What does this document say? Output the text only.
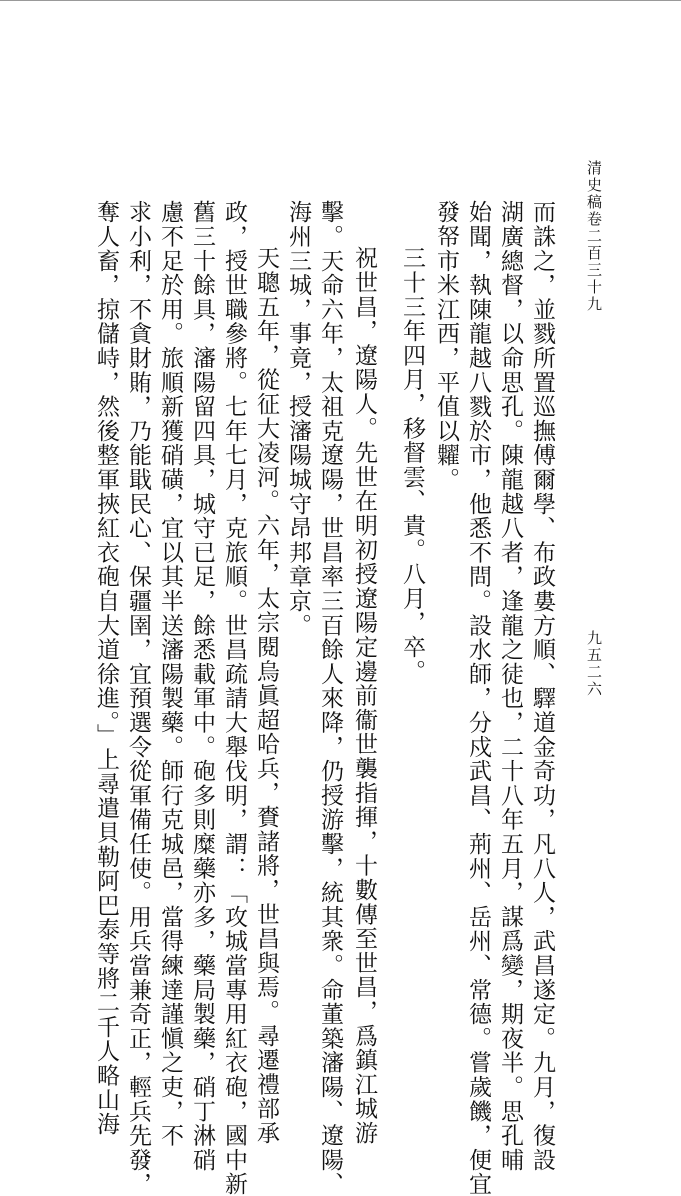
清史稿卷二百三十九
九五二六
而誅之，並戮所置巡撫傅爾學、布政婁方順、驛道金奇功，凡八人，武昌遂定。九月，復設
湖廣總督，以命思孔。陳龍越八者，逢龍之徒也，二十八年五月，謀爲變，期夜半。思孔晡
始聞，執陳龍越八戮於市，他悉不問。設水師，分戍武昌、荊州、岳州、常德。嘗歲饑，便宜
發帑市米江西，平值以糶。
三十三年四月，移督雲、貴。八月，卒。
祝世昌，遼陽人。先世在明初授遼陽定邊前衞世襲指揮，十數傳至世昌，爲鎮江城游
擊。天命六年，太祖克遼陽，世昌率三百餘人來降，仍授游擊，統其衆。命董築瀋陽、遼陽、
海州三城，事竟，授瀋陽城守昂邦章京。
天聰五年，從征大凌河。六年，太宗閱烏眞超哈兵，賚諸將，世昌與焉。尋遷禮部承
政，授世職參將。七年七月，克旅順。世昌疏請大舉伐明，謂：「攻城當專用紅衣砲，國中新
舊三十餘具，瀋陽留四具，城守已足，餘悉載軍中。砲多則糜藥亦多，藥局製藥，硝丁淋硝
慮不足於用。旅順新獲硝磺，宜以其半送瀋陽製藥。師行克城邑，當得練達謹愼之吏，不
求小利，不貪財賄，乃能戢民心、保疆圉，宜預選令從軍備任使。用兵當兼奇正，輕兵先發，
奪人畜，掠儲峙，然後整軍挾紅衣砲自大道徐進。」上尋遣貝勒阿巴泰等將二千人略山海
